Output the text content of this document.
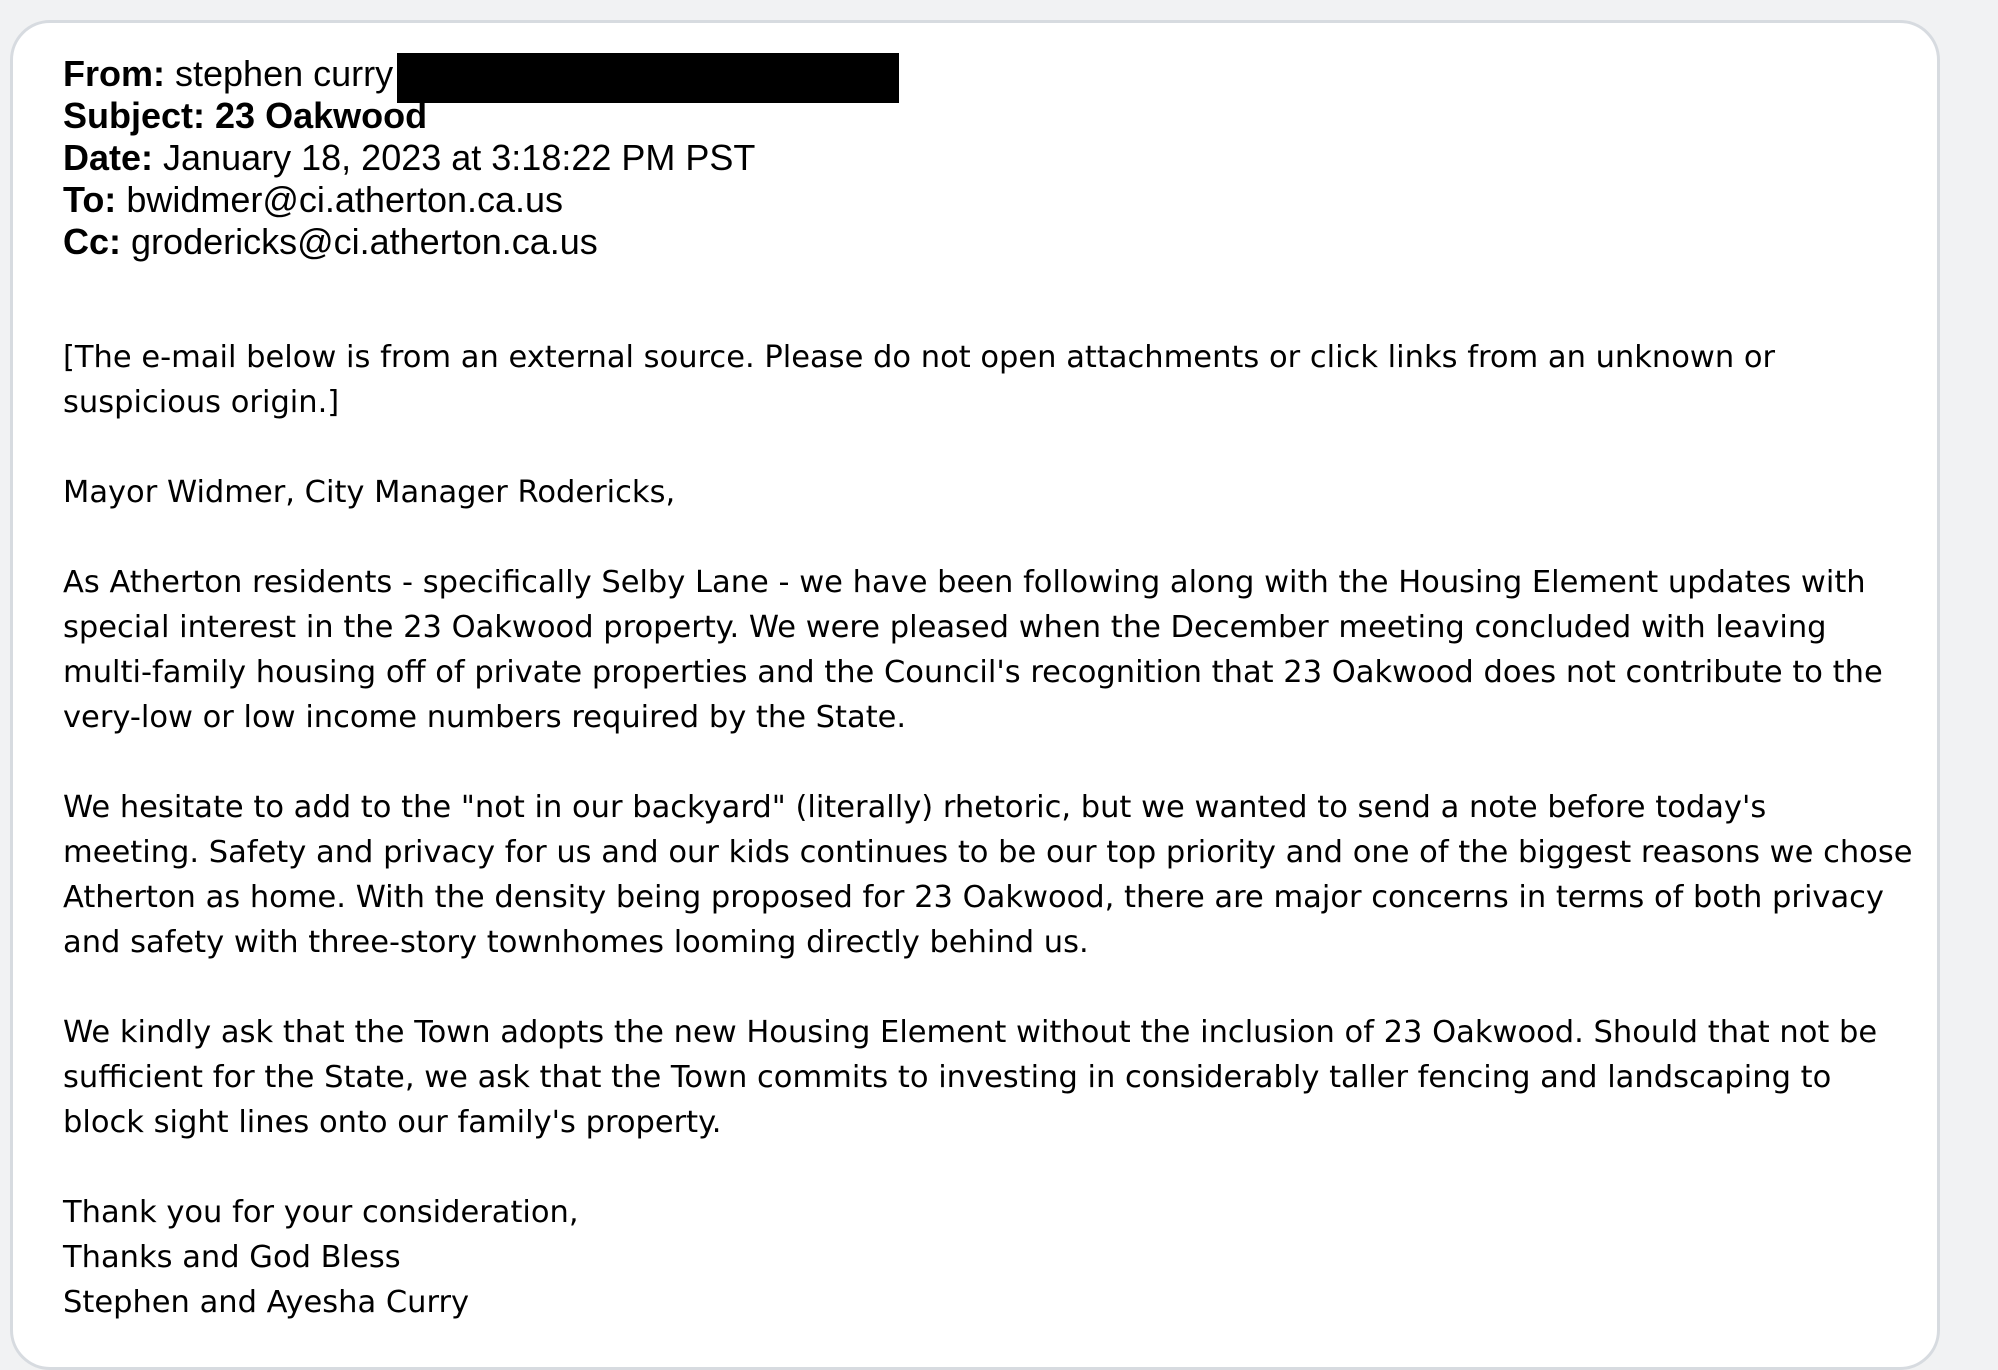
From: stephen curry
Subject: 23 Oakwood
Date: January 18, 2023 at 3:18:22 PM PST
To: bwidmer@ci.atherton.ca.us
Cc: grodericks@ci.atherton.ca.us
[The e-mail below is from an external source. Please do not open attachments or click links from an unknown or
suspicious origin.]
Mayor Widmer, City Manager Rodericks,
As Atherton residents - specifically Selby Lane - we have been following along with the Housing Element updates with
special interest in the 23 Oakwood property. We were pleased when the December meeting concluded with leaving
multi-family housing off of private properties and the Council's recognition that 23 Oakwood does not contribute to the
very-low or low income numbers required by the State.
We hesitate to add to the "not in our backyard" (literally) rhetoric, but we wanted to send a note before today's
meeting. Safety and privacy for us and our kids continues to be our top priority and one of the biggest reasons we chose
Atherton as home. With the density being proposed for 23 Oakwood, there are major concerns in terms of both privacy
and safety with three-story townhomes looming directly behind us.
We kindly ask that the Town adopts the new Housing Element without the inclusion of 23 Oakwood. Should that not be
sufficient for the State, we ask that the Town commits to investing in considerably taller fencing and landscaping to
block sight lines onto our family's property.
Thank you for your consideration,
Thanks and God Bless
Stephen and Ayesha Curry
